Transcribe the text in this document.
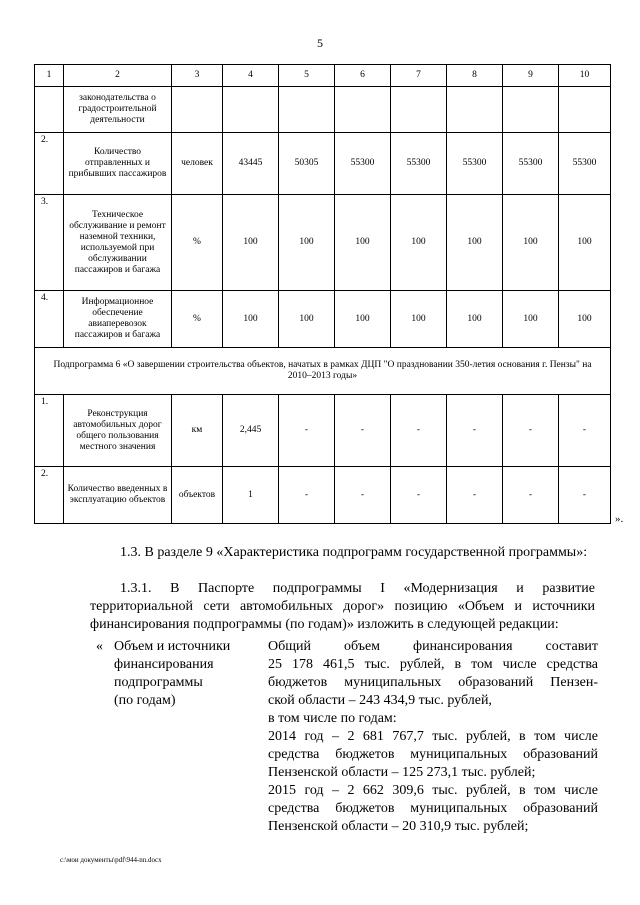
5
1	2	3	4	5	6	7	8	9	10
	законодательства о градостроительной деятельности								
2.	Количество отправленных и прибывших пассажиров	человек	43445	50305	55300	55300	55300	55300	55300
3.	Техническое обслуживание и ремонт наземной техники, используемой при обслуживании пассажиров и багажа	%	100	100	100	100	100	100	100
4.	Информационное обеспечение авиаперевозок пассажиров и багажа	%	100	100	100	100	100	100	100
Подпрограмма 6 «О завершении строительства объектов, начатых в рамках ДЦП "О праздновании 350-летия основания г. Пензы" на 2010–2013 годы»									
1.	Реконструкция автомобильных дорог общего пользования местного значения	км	2,445	-	-	-	-	-	-
2.	Количество введенных в эксплуатацию объектов	объектов	1	-	-	-	-	-	-
».
1.3. В разделе 9 «Характеристика подпрограмм государственной программы»:
1.3.1. В Паспорте подпрограммы I «Модернизация и развитие территориальной сети автомобильных дорог» позицию «Объем и источники финансирования подпрограммы (по годам)» изложить в следующей редакции:
« Объем и источники
финансирования
подпрограммы
(по годам)
Общий объем финансирования составит
25 178 461,5 тыс. рублей, в том числе средства
бюджетов муниципальных образований Пензен-
ской области – 243 434,9 тыс. рублей,
в том числе по годам:
2014 год – 2 681 767,7 тыс. рублей, в том числе
средства бюджетов муниципальных образований
Пензенской области – 125 273,1 тыс. рублей;
2015 год – 2 662 309,6 тыс. рублей, в том числе
средства бюджетов муниципальных образований
Пензенской области – 20 310,9 тыс. рублей;
c:\мои документы\pdf\944-nn.docx
